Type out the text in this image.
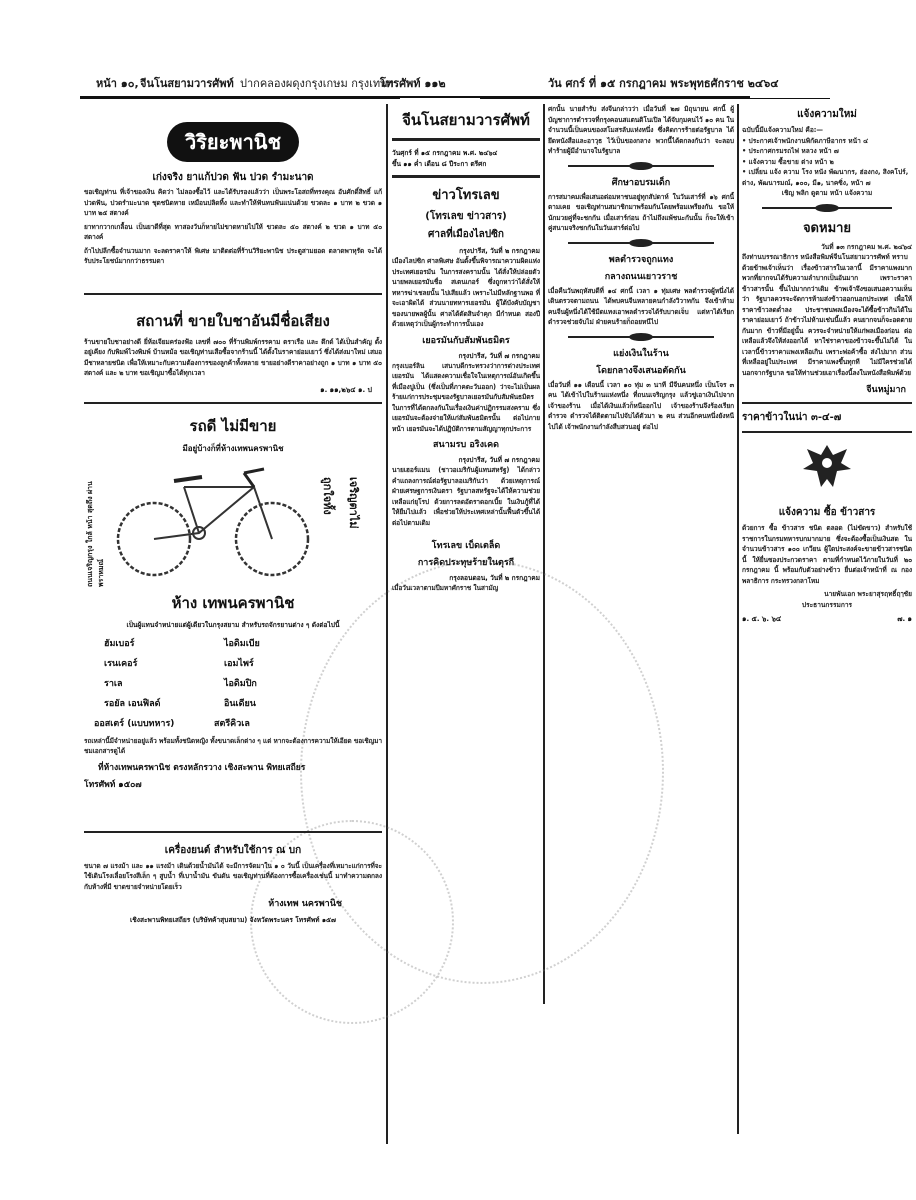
หน้า ๑๐, จีนโนสยามวารศัพท์ ปากคลองผดุงกรุงเกษม กรุงเทพฯ
โทรศัพท์ ๑๑๒	วัน ศกร์ ที่ ๑๕ กรกฎาคม พระพุทธศักราช ๒๔๖๔
วิริยะพานิช
เก่งจริง ยาแก้ปวด ฟัน ปวด รำมะนาด

ขอเชิญท่าน ที่เจ้าของเงิน คิดว่า ไม่ลองซื้อไว้ และได้รับรองแล้วว่า เป็นพระโอสถที่ทรงคุณ อันศักดิ์สิทธิ์ แก้ปวดฟัน, ปวดรำมะนาด ชุดชนิดหาย เหมือนปลิดทิ้ง และทำให้ฟันทนฟันแน่นด้วย ขวดละ ๑ บาท ๒ ขวด ๑ บาท ๒๕ สตางค์

ยาทากวากเกลื้อน เป็นยาดีที่สุด ทาสองวันก็หายไม่ขาดหายไปให้ ขวดละ ๕๐ สตางค์ ๒ ขวด ๑ บาท ๕๐ สตางค์

ถ้าไปปลีกซื้อจำนวนมาก จะลดราคาให้ พิเศษ มาติดต่อที่ร้านวิริยะพานิช ประตูสามยอด ตลาดพาหุรัด จะได้รับประโยชน์มากกว่าธรรมดา

สถานที่ ขายใบชาอันมีชื่อเสียง

ร้านขายใบชาอย่างดี ยี่ห้อเจียมคร่องฟ้อ เลขที่ ๗๐๐ ที่ร้านพิมพ์กรรคาม ตราเรือ และ ตึกด์ ได้เป็นสำคัญ ตั้งอยู่เคียง กับพิมพ์ไวงพิมพ์ บ้านหม้อ ขอเชิญท่านเสือซื้อจากร้านนี้ ได้ตั้งในราคาย่อมเยาว์ ซึ่งได้ส่งมาใหม่ เสมอ มีชาหลายชนิด เพื่อให้เหมาะกับความต้องการของลูกค้าทั้งหลาย ขายอย่างดีราคาอย่างถูก ๑ บาท ๑ บาท ๕๐ สตางค์ และ ๒ บาท ขอเชิญมาซื้อได้ทุกเวลา

๑. ๑๑,๒๖๔ ๑. ป
รถดี ไม่มีขาย
มีอยู่บ้างก็ที่ห้างเทพนครพานิช
ถนนเจริญกรุง ใกล้ หน้า สุดถึง ผ่านพราหมณ์
ถูกใจทั้ง เจริญตาไม่
ห้าง เทพนครพานิช
เป็นผู้แทนจำหน่ายแต่ผู้เดียวในกรุงสยาม สำหรับรถจักรยานต่าง ๆ ดังต่อไปนี้
ฮัมเบอร์	ไอดิมเบีย
เรนเคอร์	เอมไพร์
ราเล	ไอดิมปิก
รอยัล เอนฟิลด์	อินเดียน
ออสเตร์ (แบบทหาร)	สตรีคิวเล

รถเหล่านี้มีจำหน่ายอยู่แล้ว พร้อมทั้งชนิดหญิง ทั้งขนาดเล็กต่าง ๆ แต่ หากจะต้องการความให้เอียด ขอเชิญมาชมเอกสารดูได้

ที่ห้างเทพนครพานิช ตรงหลักรวาง เชิงสะพาน พิทยเสถียร
โทรศัพท์ ๑๕๐๗
เครื่องยนต์ สำหรับใช้การ ณ บก

ขนาด ๗ แรงม้า และ ๑๑ แรงม้า เดินด้วยน้ำมันได้ จะมีการจัดมาใน ๑ ๐ วันนี้ เป็นเครื่องที่เหมาะแก่การที่จะใช้เดินโรงเลื่อยโรงสีเล็ก ๆ สูบน้ำ ที่เบาน้ำมัน ขันดัน ขอเชิญท่านที่ต้องการซื้อเครื่องเช่นนี้ มาทำความตกลงกับห้างที่มี ขาดขายจำหน่ายโดยเร็ว

ห้างเทพ นครพานิช
เชิงสะพานพิทยเสถียร (บริษัทค้าสุบสยาม) จังหวัดพระนคร โทรศัพท์ ๑๕๗
จีนโนสยามวารศัพท์
วันศุกร์ ที่ ๑๕ กรกฎาคม พ.ศ. ๒๔๖๔
ขึ้น ๑๑ ค่ำ เดือน ๘ ปีระกา ตรีศก
ข่าวโทรเลข
(โทรเลข ข่าวสาร)
ศาลที่เมืองไลปซิก
กรุงปารีส, วันที่ ๒ กรกฎาคม

เมืองไลปซิก ศาลพิเศษ อันตั้งขึ้นพิจารณาความผิดแห่งประเทศเยอรมัน ในการสงครามนั้น ได้สั่งให้ปล่อยตัวนายพลเยอรมันชื่อ สเตนเกอร์ ซึ่งถูกหาว่าได้สั่งให้ทหารฆ่าเชลยนั้น ไปเสียแล้ว เพราะไม่มีหลักฐานพอ ที่จะเอาผิดได้ ส่วนนายทหารเยอรมัน ผู้ใต้บังคับบัญชาของนายพลผู้นั้น ศาลได้ตัดสินจำคุก มีกำหนด สองปี ด้วยเหตุว่าเป็นผู้กระทำการนั้นเอง

เยอรมันกับสัมพันธมิตร
กรุงปารีส, วันที่ ๗ กรกฎาคม

กรุงเบอร์ลิน เสนาบดีกระทรวงว่าการต่างประเทศเยอรมัน ได้แสดงความเชื่อใจในเหตุการณ์อันเกิดขึ้น ที่เมืองปูเป็น (ซึ่งเป็นที่ภาคตะวันออก) ว่าจะไม่เป็นผลร้ายแก่การประชุมของรัฐบาลเยอรมันกับสัมพันธมิตร ในการที่ได้ตกลงกันในเรื่องเงินค่าปฏิกรรมสงคราม ซึ่งเยอรมันจะต้องจ่ายให้แก่สัมพันธมิตรนั้น ต่อไปภายหน้า เยอรมันจะได้ปฏิบัติการตามสัญญาทุกประการ

สนามรบ อริงเคด
กรุงปารีส, วันที่ ๗ กรกฎาคม

นายเฮอร์แมน (ชาวอเมริกันผู้แทนสหรัฐ) ได้กล่าวคำแถลงการณ์ต่อรัฐบาลอเมริกันว่า ด้วยเหตุการณ์ฝ่ายเศรษฐการเงินตรา รัฐบาลสหรัฐจะได้ให้ความช่วยเหลือแก่ยุโรป ด้วยการลดอัตราดอกเบี้ย ในเงินกู้ที่ได้ให้ยืมไปแล้ว เพื่อช่วยให้ประเทศเหล่านั้นฟื้นตัวขึ้นได้ต่อไปตามเดิม

โทรเลข เบ็ดเตล็ด
การคิดประทุษร้ายในตุรกี
กรุงลอนดอน, วันที่ ๒ กรกฎาคม

เมื่อวันเวลาตามปีมหาศักราช ในสามัญ

ศกนั้น นายสำรับ ส่งจีนกล่าวว่า เมื่อวันที่ ๒๗ มิถุนายน ศกนี้ ผู้บัญชาการตำรวจที่กรุงคอนสแตนติโนเปิล ได้จับกุมคนไว้ ๑๐ คน ในจำนวนนี้เป็นคนของสโมสรลับแห่งหนึ่ง ซึ่งคิดการร้ายต่อรัฐบาล ได้ยึดหนังสือและอาวุธ ไว้เป็นของกลาง พวกนี้ได้ตกลงกันว่า จะลอบทำร้ายผู้มีอำนาจในรัฐบาล

ศึกษาอบรมเด็ก

การสมาคมเพื่อเสนอต่อมหาชนอยู่ทุกสัปดาห์ ในวันเสาร์ที่ ๑๖ ศกนี้ ตามเคย ขอเชิญท่านสมาชิกมาพร้อมกันโดยพร้อมเพรียงกัน ขอให้นักมวยคู่ที่จะชกกัน เมื่อเสาร์ก่อน ถ้าไม่ถึงแพ้ชนะกันนั้น ก็จะให้เข้าคู่สนามจริงชกกันในวันเสาร์ต่อไป

พลตำรวจถูกแทง
กลางถนนเยาวราช

เมื่อคืนวันพฤหัสบดีที่ ๑๔ ศกนี้ เวลา ๑ ทุ่มเศษ พลตำรวจผู้หนึ่งได้เดินตรวจตามถนน ได้พบคนจีนหลายคนกำลังวิวาทกัน จึงเข้าห้าม คนจีนผู้หนึ่งได้ใช้มีดแทงเอาพลตำรวจได้รับบาดเจ็บ แต่หาได้เรียกตำรวจช่วยจับไม่ ฝ่ายคนร้ายก็ถอยหนีไป

แย่งเงินในร้าน
โดยกลางจึงเสนอตัดกัน

เมื่อวันที่ ๑๑ เดือนนี้ เวลา ๑๐ ทุ่ม ๓ นาที มีจีนคนหนึ่ง เป็นโจร ๓ คน ได้เข้าไปในร้านแห่งหนึ่ง ที่ถนนเจริญกรุง แล้วขู่เอาเงินไปจากเจ้าของร้าน เมื่อได้เงินแล้วก็หนีออกไป เจ้าของร้านจึงร้องเรียกตำรวจ ตำรวจได้ติดตามไปจับได้ตัวมา ๒ คน ส่วนอีกคนหนึ่งยังหนีไปได้ เจ้าพนักงานกำลังสืบสวนอยู่ ต่อไป

แจ้งความใหม่
ฉบับนี้มีแจ้งความใหม่ คือ:—
• ประกาศเจ้าพนักงานพิกัดภาษีอากร หน้า ๔
• ประกาศกรมรถไฟ หลวง หน้า ๗
• แจ้งความ ซื้อขาย ต่าง หน้า ๒
• เปลี่ยน แจ้ง ความ โรง หนัง พัฒนากร, ฮ่องกง, สิงคโปร์, ต่าง, พัฒนารมณ์, ๑๐๐, มี๑, นาคซิ่ง, หน้า ๗
เชิญ พลิก ดูตาม หน้า แจ้งความ
จดหมาย
วันที่ ๑๓ กรกฎาคม พ.ศ. ๒๔๖๔
ถึงท่านบรรณาธิการ หนังสือพิมพ์จีนโนสยามวารศัพท์ ทราบ

ด้วยข้าพเจ้าเห็นว่า เรื่องข้าวสารในเวลานี้ มีราคาแพงมาก พวกที่ยากจนได้รับความลำบากเป็นอันมาก เพราะราคาข้าวสารนั้น ขึ้นไปมากกว่าเดิม ข้าพเจ้าจึงขอเสนอความเห็นว่า รัฐบาลควรจะจัดการห้ามส่งข้าวออกนอกประเทศ เพื่อให้ราคาข้าวลดต่ำลง ประชาชนพลเมืองจะได้ซื้อข้าวกินได้ในราคาย่อมเยาว์ ถ้าข้าวไม่ห้ามเช่นนี้แล้ว คนยากจนก็จะอดตายกันมาก ข้าวที่มีอยู่นั้น ควรจะจำหน่ายให้แก่พลเมืองก่อน ต่อเหลือแล้วจึงให้ส่งออกได้ หาใช่ราคาของข้าวจะขึ้นไม่ได้ ในเวลานี้ข้าวราคาแพงเหลือเกิน เพราะพ่อค้าซื้อ ส่งไปมาก ส่วนที่เหลืออยู่ในประเทศ มีราคาแพงขึ้นทุกที ไม่มีใครช่วยได้ นอกจากรัฐบาล ขอให้ท่านช่วยเอาเรื่องนี้ลงในหนังสือพิมพ์ด้วย

จีนหมู่มาก
ราคาข้าวในน่า ๓-๔-๗
แจ้งความ ซื้อ ข้าวสาร

ด้วยการ ซื้อ ข้าวสาร ชนิด ตลอด (ไม่ขัดขาว) สำหรับใช้ ราชการในกรมทหารบกมากมาย ซึ่งจะต้องซื้อเป็นเงินสด ในจำนวนข้าวสาร ๑๐๐ เกวียน ผู้ใดประสงค์จะขายข้าวสารชนิดนี้ ให้ยื่นซองประกวดราคา ตามที่กำหนดไว้ภายในวันที่ ๒๐ กรกฎาคม นี้ พร้อมกับตัวอย่างข้าว ยื่นต่อเจ้าหน้าที่ ณ กองพลาธิการ กระทรวงกลาโหม

นายพันเอก พระยาสุรฤทธิ์ฤๅชัย
ประธานกรรมการ
๑. ๕. ๖. ๖๔	๗. ๑
